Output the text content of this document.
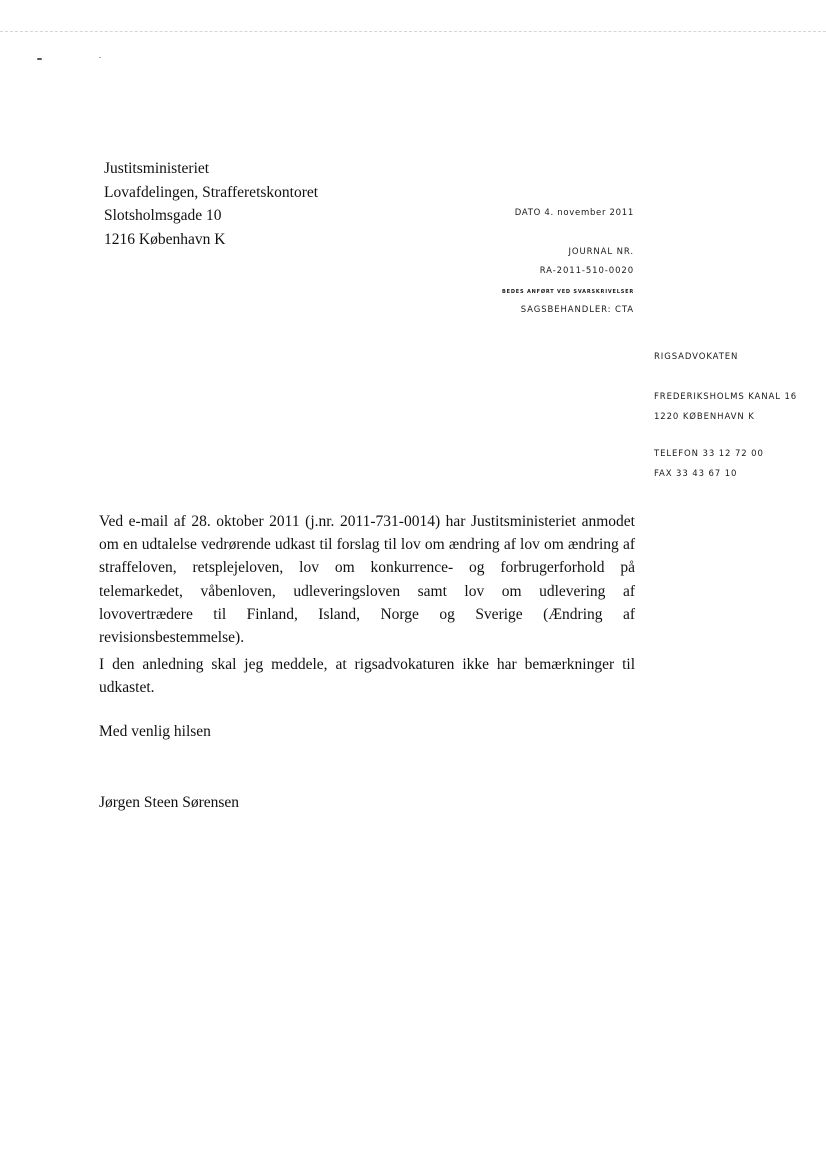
Justitsministeriet
Lovafdelingen, Strafferetskontoret
Slotsholmsgade 10
1216 København K
DATO 4. november 2011
JOURNAL NR.
RA-2011-510-0020
BEDES ANFØRT VED SVARSKRIVELSER
SAGSBEHANDLER: CTA
RIGSADVOKATEN
FREDERIKSHOLMS KANAL 16
1220 KØBENHAVN K
TELEFON 33 12 72 00
FAX 33 43 67 10
Ved e-mail af 28. oktober 2011 (j.nr. 2011-731-0014) har Justitsministeriet anmodet om en udtalelse vedrørende udkast til forslag til lov om ændring af lov om ændring af straffeloven, retsplejeloven, lov om konkurrence- og forbrugerforhold på telemarkedet, våbenloven, udleveringsloven samt lov om udlevering af lovovertrædere til Finland, Island, Norge og Sverige (Ændring af revisionsbestemmelse).
I den anledning skal jeg meddele, at rigsadvokaturen ikke har bemærkninger til udkastet.
Med venlig hilsen
Jørgen Steen Sørensen
